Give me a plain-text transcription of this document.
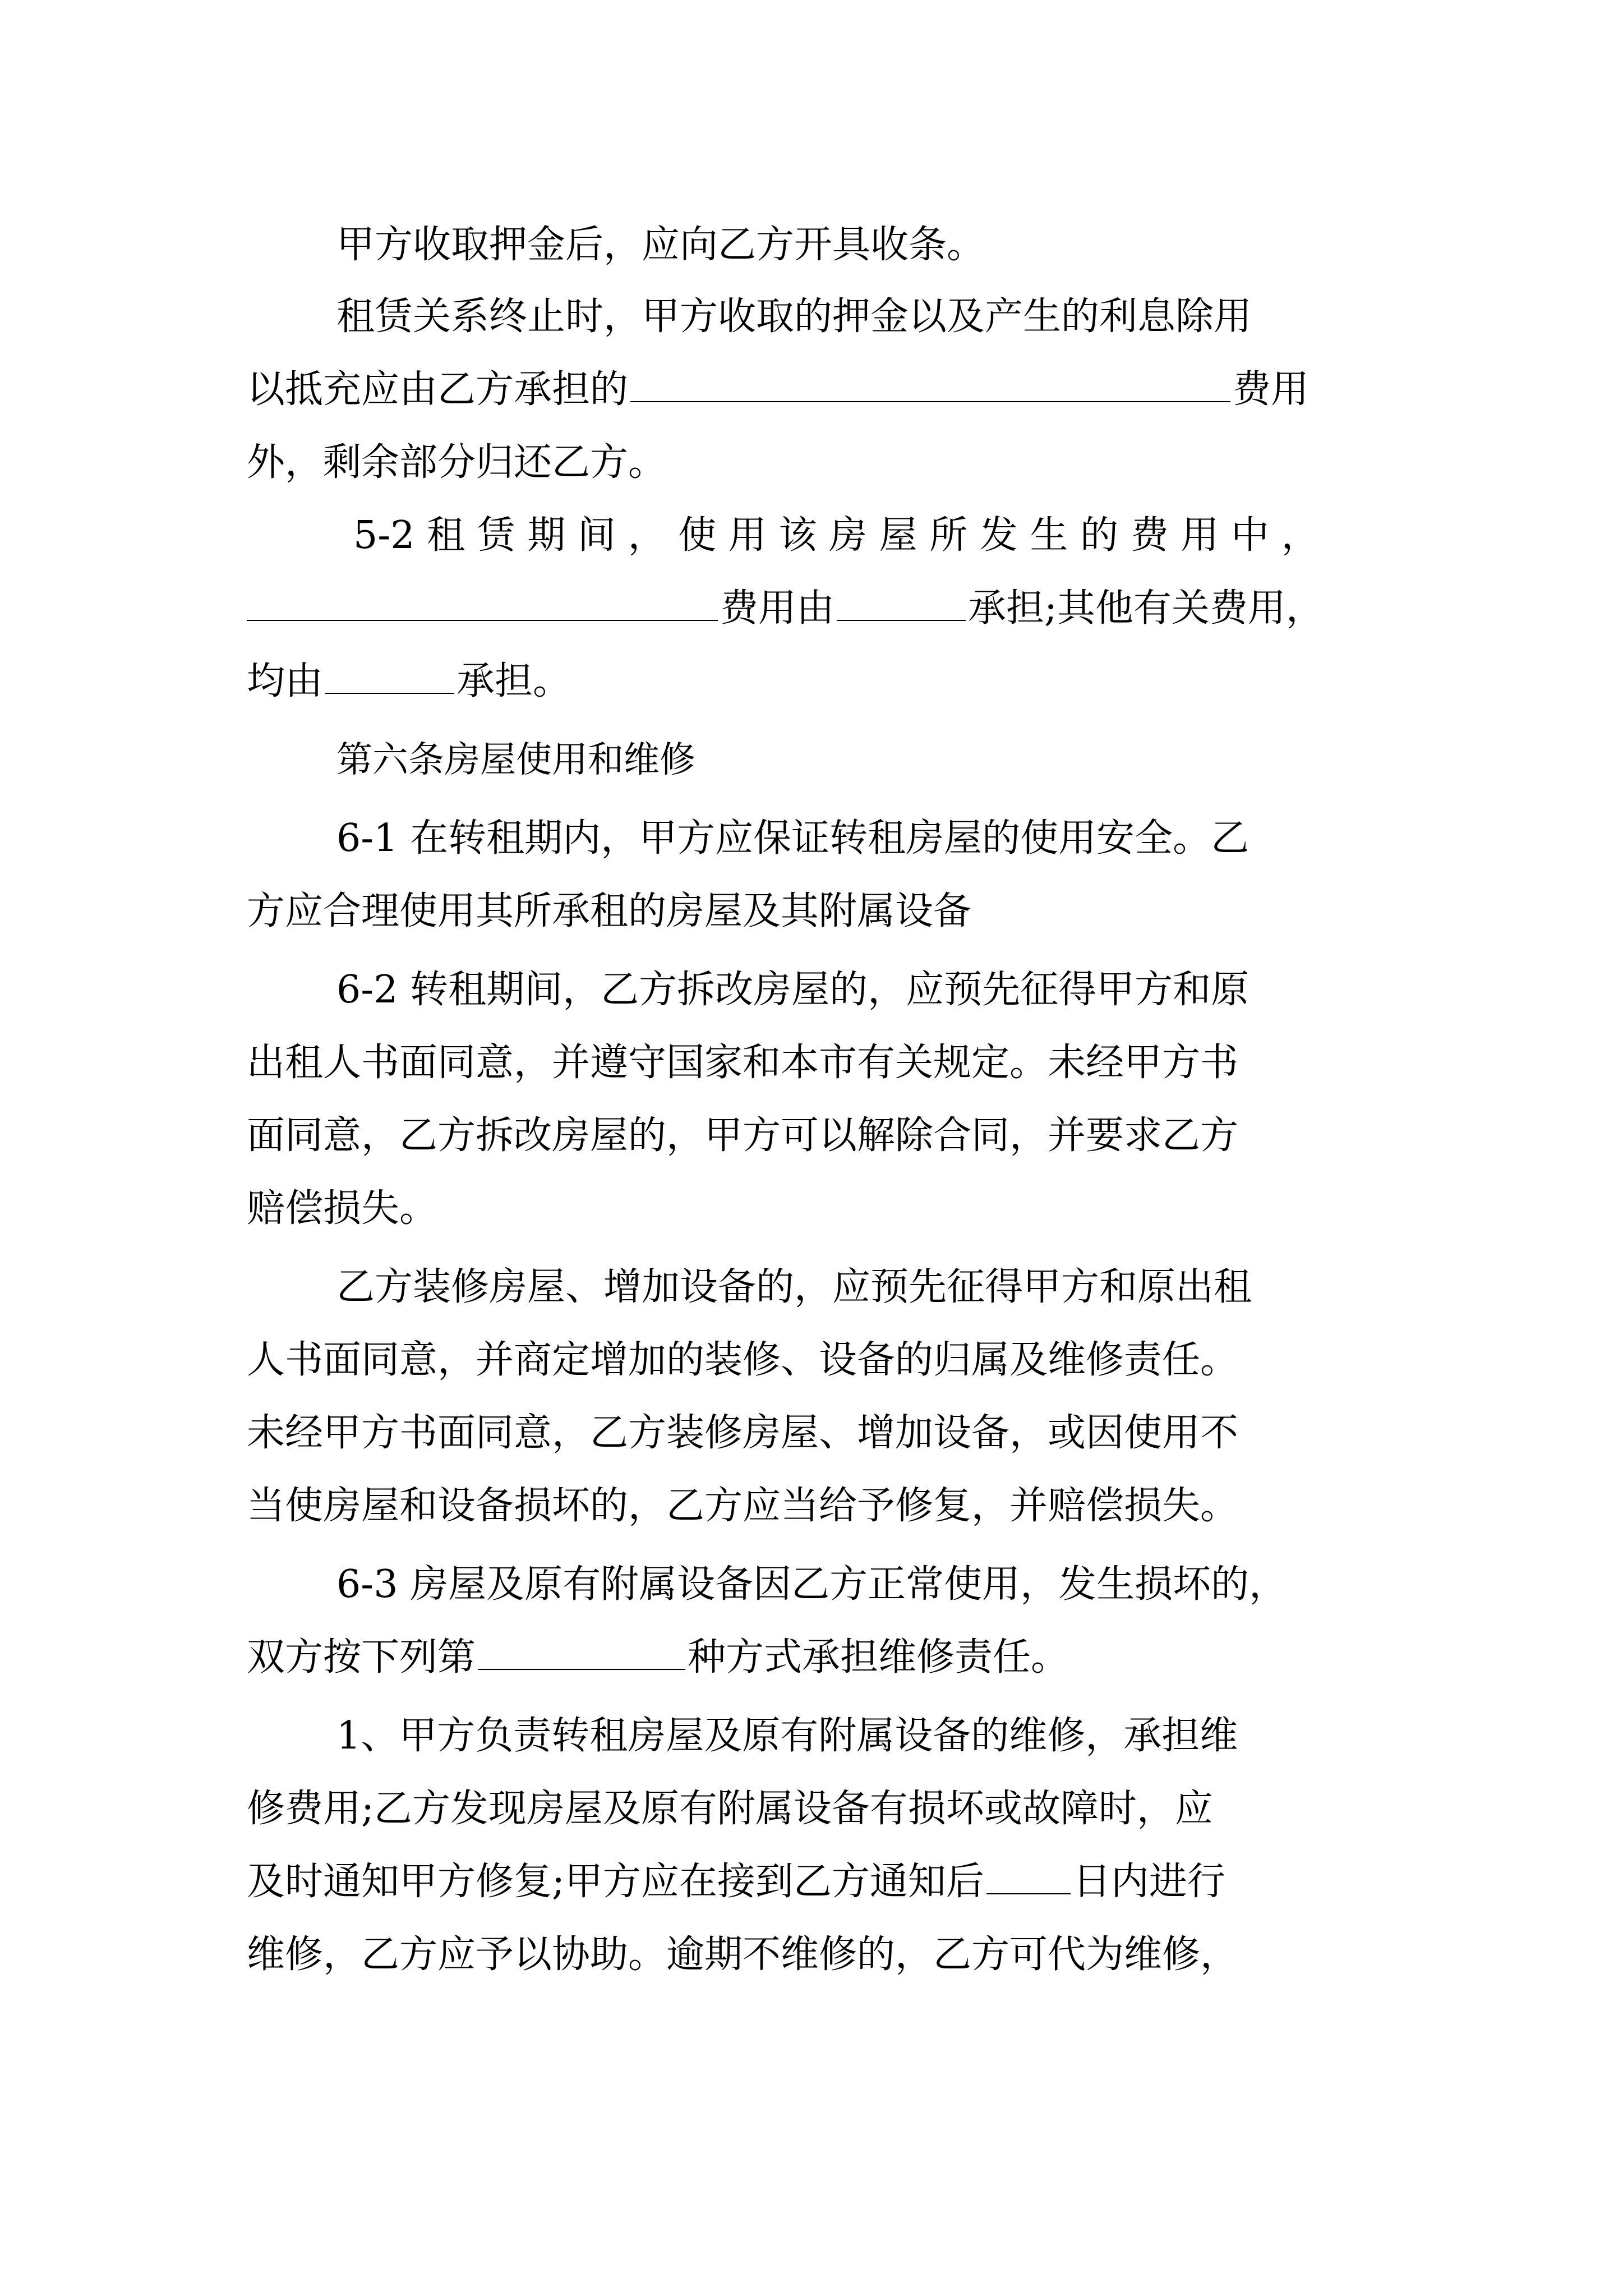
甲方收取押金后，应向乙方开具收条。
租赁关系终止时，甲方收取的押金以及产生的利息除用
以抵充应由乙方承担的	费用
外，剩余部分归还乙方。
5-2 租 赁 期 间 ， 使 用 该 房 屋 所 发 生 的 费 用 中 ，
费用由	承担;其他有关费用，
均由	承担。
第六条房屋使用和维修
6-1 在转租期内，甲方应保证转租房屋的使用安全。乙
方应合理使用其所承租的房屋及其附属设备
6-2 转租期间，乙方拆改房屋的，应预先征得甲方和原
出租人书面同意，并遵守国家和本市有关规定。未经甲方书
面同意，乙方拆改房屋的，甲方可以解除合同，并要求乙方
赔偿损失。
乙方装修房屋、增加设备的，应预先征得甲方和原出租
人书面同意，并商定增加的装修、设备的归属及维修责任。
未经甲方书面同意，乙方装修房屋、增加设备，或因使用不
当使房屋和设备损坏的，乙方应当给予修复，并赔偿损失。
6-3 房屋及原有附属设备因乙方正常使用，发生损坏的，
双方按下列第	种方式承担维修责任。
1、甲方负责转租房屋及原有附属设备的维修，承担维
修费用;乙方发现房屋及原有附属设备有损坏或故障时，应
及时通知甲方修复;甲方应在接到乙方通知后 日内进行
维修，乙方应予以协助。逾期不维修的，乙方可代为维修，
